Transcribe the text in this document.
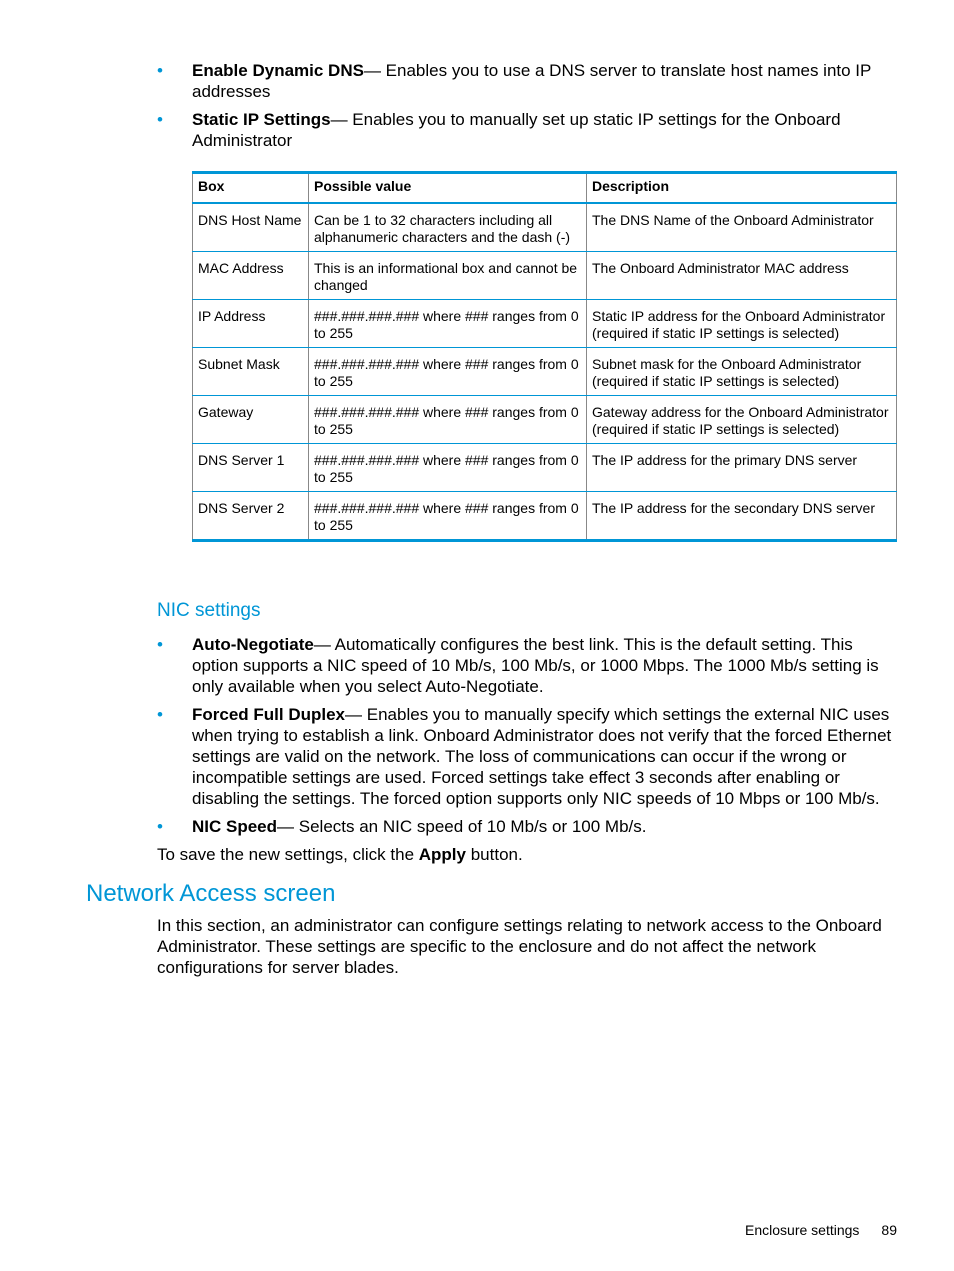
• Enable Dynamic DNS— Enables you to use a DNS server to translate host names into IP addresses
• Static IP Settings— Enables you to manually set up static IP settings for the Onboard Administrator
Box	Possible value	Description
DNS Host Name	Can be 1 to 32 characters including all alphanumeric characters and the dash (-)	The DNS Name of the Onboard Administrator
MAC Address	This is an informational box and cannot be changed	The Onboard Administrator MAC address
IP Address	###.###.###.### where ### ranges from 0 to 255	Static IP address for the Onboard Administrator (required if static IP settings is selected)
Subnet Mask	###.###.###.### where ### ranges from 0 to 255	Subnet mask for the Onboard Administrator (required if static IP settings is selected)
Gateway	###.###.###.### where ### ranges from 0 to 255	Gateway address for the Onboard Administrator (required if static IP settings is selected)
DNS Server 1	###.###.###.### where ### ranges from 0 to 255	The IP address for the primary DNS server
DNS Server 2	###.###.###.### where ### ranges from 0 to 255	The IP address for the secondary DNS server
NIC settings
• Auto-Negotiate— Automatically configures the best link. This is the default setting. This option supports a NIC speed of 10 Mb/s, 100 Mb/s, or 1000 Mbps. The 1000 Mb/s setting is only available when you select Auto-Negotiate.
• Forced Full Duplex— Enables you to manually specify which settings the external NIC uses when trying to establish a link. Onboard Administrator does not verify that the forced Ethernet settings are valid on the network. The loss of communications can occur if the wrong or incompatible settings are used. Forced settings take effect 3 seconds after enabling or disabling the settings. The forced option supports only NIC speeds of 10 Mbps or 100 Mb/s.
• NIC Speed— Selects an NIC speed of 10 Mb/s or 100 Mb/s.

To save the new settings, click the Apply button.

Network Access screen

In this section, an administrator can configure settings relating to network access to the Onboard Administrator. These settings are specific to the enclosure and do not affect the network configurations for server blades.

Enclosure settings 89
